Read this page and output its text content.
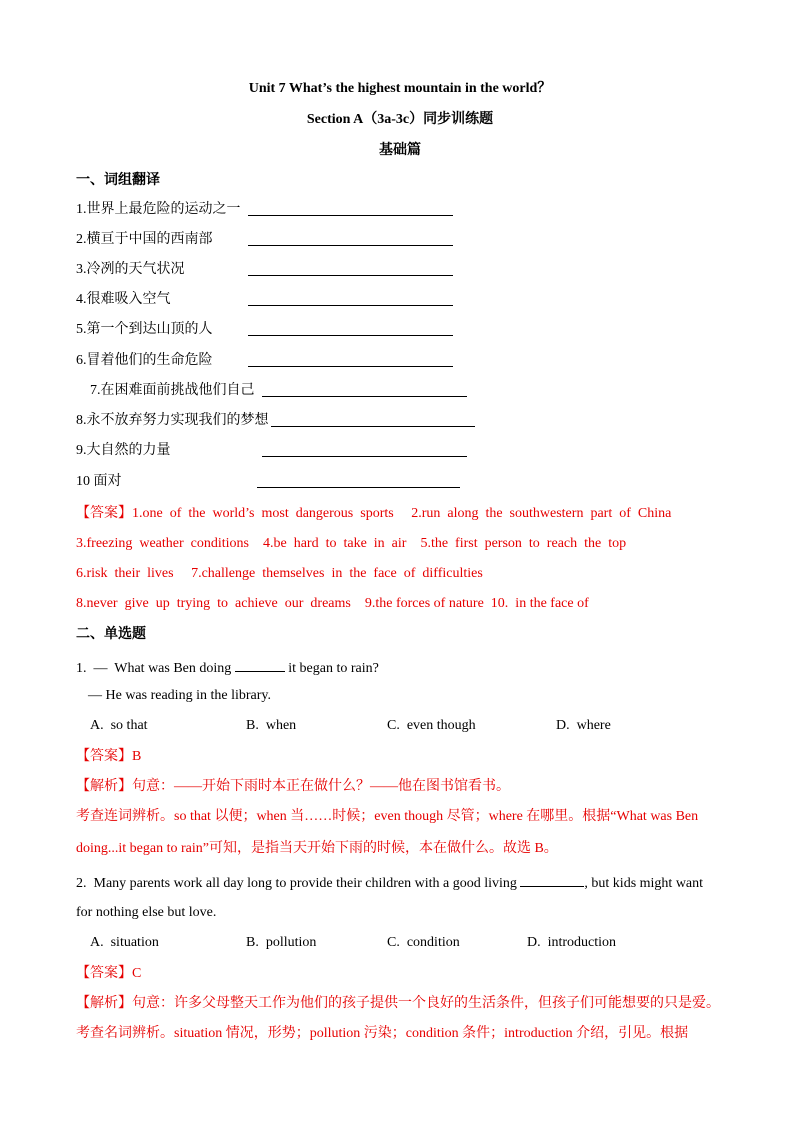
Unit 7 What’s the highest mountain in the world？
Section A（3a-3c）同步训练题
基础篇
一、词组翻译
1.世界上最危险的运动之一
2.横亘于中国的西南部
3.冷冽的天气状况
4.很难吸入空气
5.第一个到达山顶的人
6.冒着他们的生命危险
7.在困难面前挑战他们自己
8.永不放弃努力实现我们的梦想
9.大自然的力量
10 面对
【答案】1.one  of  the  world’s  most  dangerous  sports     2.run  along  the  southwestern  part  of  China
3.freezing  weather  conditions    4.be  hard  to  take  in  air    5.the  first  person  to  reach  the  top
6.risk  their  lives     7.challenge  themselves  in  the  face  of  difficulties
8.never  give  up  trying  to  achieve  our  dreams    9.the forces of nature  10.  in the face of
二、单选题
1.  —  What was Ben doing	it began to rain?
— He was reading in the library.
A.  so that	B.  when	C.  even though	D.  where
【答案】B
【解析】句意：——开始下雨时本正在做什么？——他在图书馆看书。
考查连词辨析。so that 以便；when 当……时候；even though 尽管；where 在哪里。根据“What was Ben
doing...it began to rain”可知，是指当天开始下雨的时候，本在做什么。故选 B。
2.  Many parents work all day long to provide their children with a good living	, but kids might want
for nothing else but love.
A.  situation	B.  pollution	C.  condition	D.  introduction
【答案】C
【解析】句意：许多父母整天工作为他们的孩子提供一个良好的生活条件，但孩子们可能想要的只是爱。
考查名词辨析。situation 情况，形势；pollution 污染；condition 条件；introduction 介绍，引见。根据
